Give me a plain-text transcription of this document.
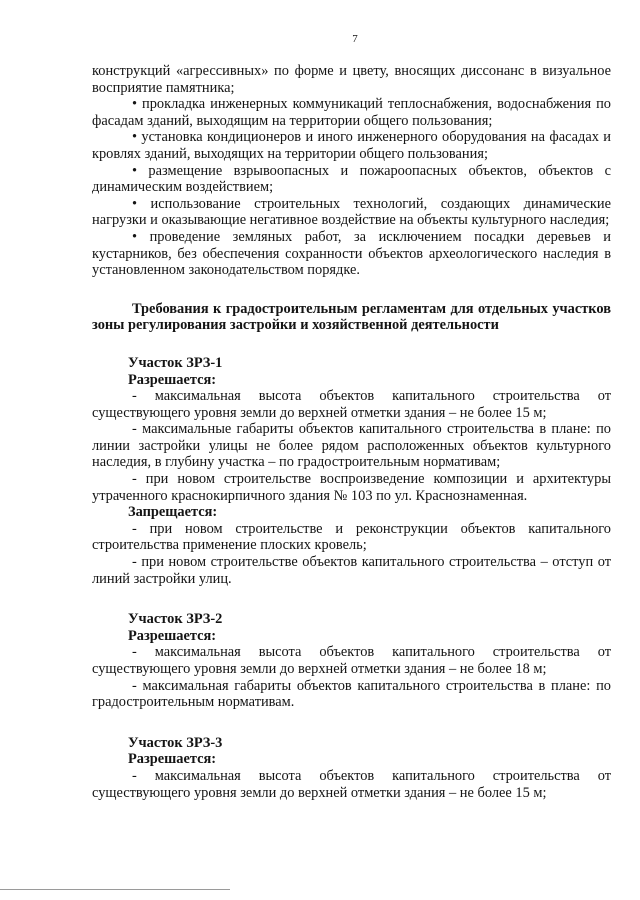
7

конструкций «агрессивных» по форме и цвету, вносящих диссонанс в визуальное восприятие памятника;

• прокладка инженерных коммуникаций теплоснабжения, водоснабжения по фасадам зданий, выходящим на территории общего пользования;

• установка кондиционеров и иного инженерного оборудования на фасадах и кровлях зданий, выходящих на территории общего пользования;

• размещение взрывоопасных и пожароопасных объектов, объектов с динамическим воздействием;

• использование строительных технологий, создающих динамические нагрузки и оказывающие негативное воздействие на объекты культурного наследия;

• проведение земляных работ, за исключением посадки деревьев и кустарников, без обеспечения сохранности объектов археологического наследия в установленном законодательством порядке.

Требования к градостроительным регламентам для отдельных участков зоны регулирования застройки и хозяйственной деятельности

Участок ЗРЗ-1

Разрешается:

- максимальная высота объектов капитального строительства от существующего уровня земли до верхней отметки здания – не более 15 м;

- максимальные габариты объектов капитального строительства в плане: по линии застройки улицы не более рядом расположенных объектов культурного наследия, в глубину участка – по градостроительным нормативам;

- при новом строительстве воспроизведение композиции и архитектуры утраченного краснокирпичного здания № 103 по ул. Краснознаменная.

Запрещается:

- при новом строительстве и реконструкции объектов капитального строительства применение плоских кровель;

- при новом строительстве объектов капитального строительства – отступ от линий застройки улиц.

Участок ЗРЗ-2

Разрешается:

- максимальная высота объектов капитального строительства от существующего уровня земли до верхней отметки здания – не более 18 м;

- максимальная габариты объектов капитального строительства в плане: по градостроительным нормативам.

Участок ЗРЗ-3

Разрешается:

- максимальная высота объектов капитального строительства от существующего уровня земли до верхней отметки здания – не более 15 м;
